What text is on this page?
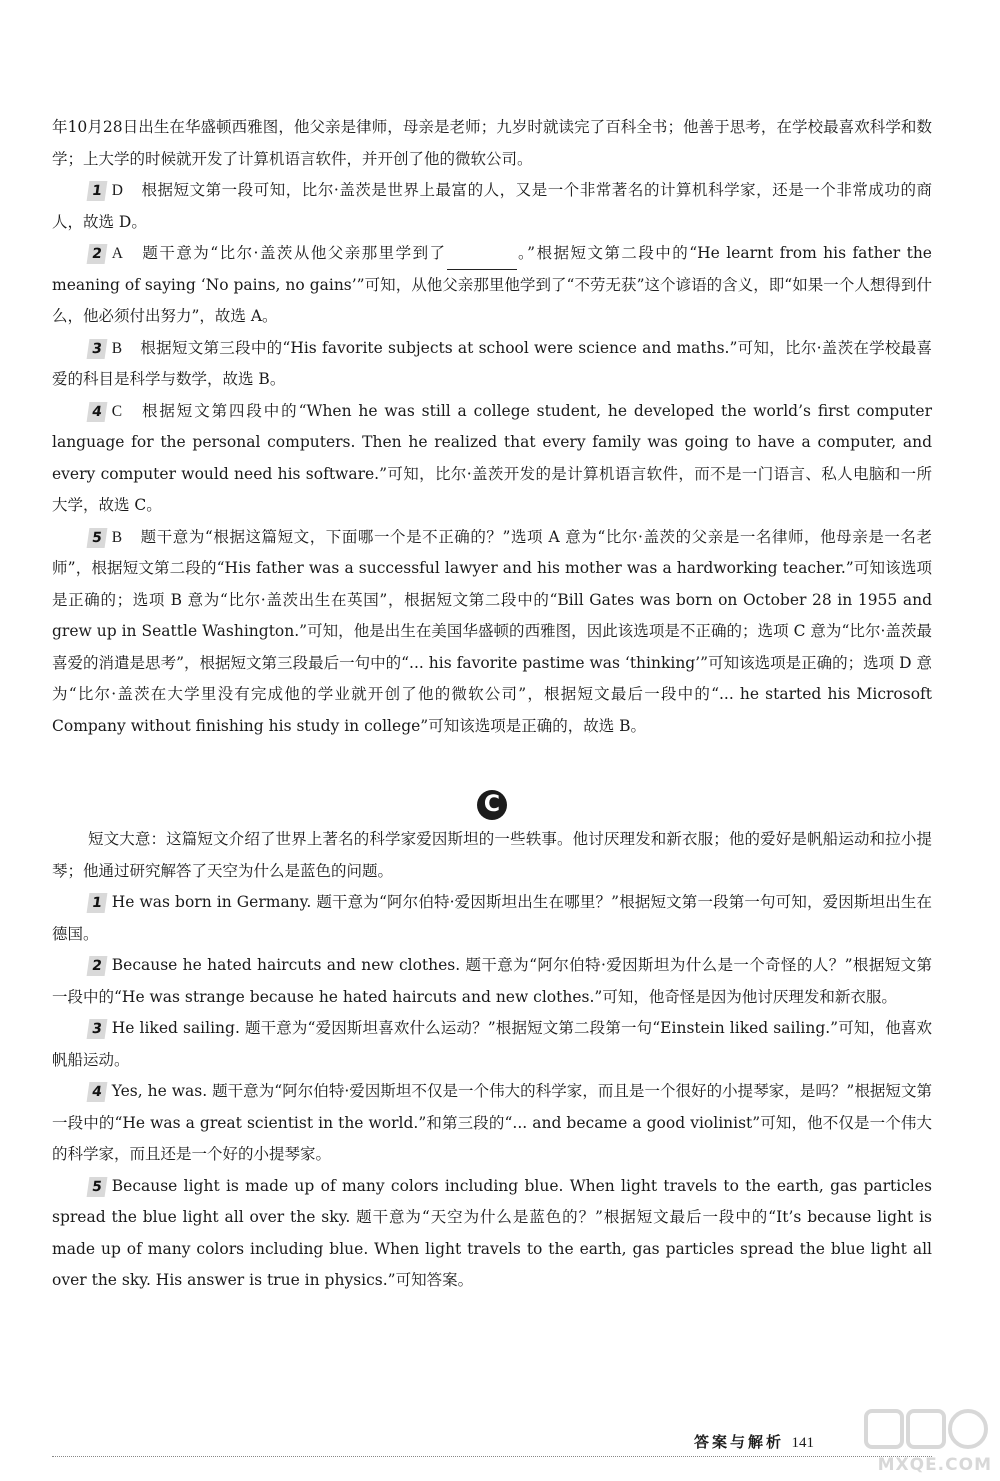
年10月28日出生在华盛顿西雅图，他父亲是律师，母亲是老师；九岁时就读完了百科全书；他善于思考，在学校最喜欢科学和数学；上大学的时候就开发了计算机语言软件，并开创了他的微软公司。

1 D 根据短文第一段可知，比尔·盖茨是世界上最富的人，又是一个非常著名的计算机科学家，还是一个非常成功的商人，故选 D。

2 A 题干意为“比尔·盖茨从他父亲那里学到了	。”根据短文第二段中的“He learnt from his father the meaning of saying ‘No pains, no gains’”可知，从他父亲那里他学到了“不劳无获”这个谚语的含义，即“如果一个人想得到什么，他必须付出努力”，故选 A。

3 B 根据短文第三段中的“His favorite subjects at school were science and maths.”可知，比尔·盖茨在学校最喜爱的科目是科学与数学，故选 B。

4 C 根据短文第四段中的“When he was still a college student, he developed the world’s first computer language for the personal computers. Then he realized that every family was going to have a computer, and every computer would need his software.”可知，比尔·盖茨开发的是计算机语言软件，而不是一门语言、私人电脑和一所大学，故选 C。

5 B 题干意为“根据这篇短文，下面哪一个是不正确的？”选项 A 意为“比尔·盖茨的父亲是一名律师，他母亲是一名老师”，根据短文第二段的“His father was a successful lawyer and his mother was a hardworking teacher.”可知该选项是正确的；选项 B 意为“比尔·盖茨出生在英国”，根据短文第二段中的“Bill Gates was born on October 28 in 1955 and grew up in Seattle Washington.”可知，他是出生在美国华盛顿的西雅图，因此该选项是不正确的；选项 C 意为“比尔·盖茨最喜爱的消遣是思考”，根据短文第三段最后一句中的“... his favorite pastime was ‘thinking’”可知该选项是正确的；选项 D 意为“比尔·盖茨在大学里没有完成他的学业就开创了他的微软公司”，根据短文最后一段中的“... he started his Microsoft Company without finishing his study in college”可知该选项是正确的，故选 B。

C

短文大意：这篇短文介绍了世界上著名的科学家爱因斯坦的一些轶事。他讨厌理发和新衣服；他的爱好是帆船运动和拉小提琴；他通过研究解答了天空为什么是蓝色的问题。

1 He was born in Germany. 题干意为“阿尔伯特·爱因斯坦出生在哪里？”根据短文第一段第一句可知，爱因斯坦出生在德国。

2 Because he hated haircuts and new clothes. 题干意为“阿尔伯特·爱因斯坦为什么是一个奇怪的人？”根据短文第一段中的“He was strange because he hated haircuts and new clothes.”可知，他奇怪是因为他讨厌理发和新衣服。

3 He liked sailing. 题干意为“爱因斯坦喜欢什么运动？”根据短文第二段第一句“Einstein liked sailing.”可知，他喜欢帆船运动。

4 Yes, he was. 题干意为“阿尔伯特·爱因斯坦不仅是一个伟大的科学家，而且是一个很好的小提琴家，是吗？”根据短文第一段中的“He was a great scientist in the world.”和第三段的“... and became a good violinist”可知，他不仅是一个伟大的科学家，而且还是一个好的小提琴家。

5 Because light is made up of many colors including blue. When light travels to the earth, gas particles spread the blue light all over the sky. 题干意为“天空为什么是蓝色的？”根据短文最后一段中的“It’s because light is made up of many colors including blue. When light travels to the earth, gas particles spread the blue light all over the sky. His answer is true in physics.”可知答案。

答案与解析 141
MXQE.COM
